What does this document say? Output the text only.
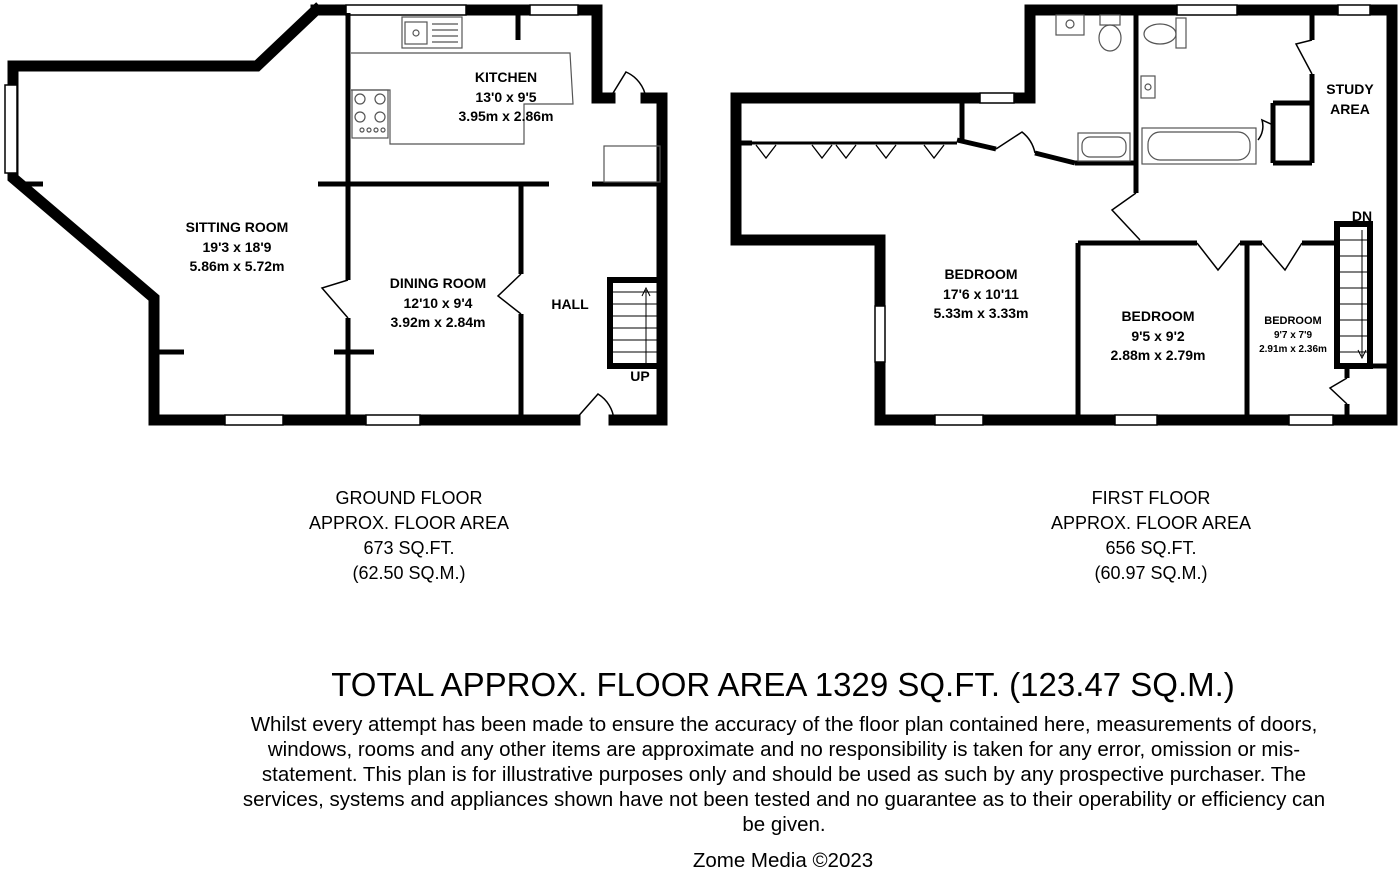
KITCHEN
13'0 x 9'5
3.95m x 2.86m
SITTING ROOM
19'3 x 18'9
5.86m x 5.72m
DINING ROOM
12'10 x 9'4
3.92m x 2.84m
HALL
UP
BEDROOM
17'6 x 10'11
5.33m x 3.33m	BEDROOM
9'5 x 9'2
2.88m x 2.79m
BEDROOM
9'7 x 7'9
2.91m x 2.36m
STUDY
AREA
DN
GROUND FLOOR
APPROX. FLOOR AREA
673 SQ.FT.
(62.50 SQ.M.)
FIRST FLOOR
APPROX. FLOOR AREA
656 SQ.FT.
(60.97 SQ.M.)
TOTAL APPROX. FLOOR AREA 1329 SQ.FT. (123.47 SQ.M.)
Whilst every attempt has been made to ensure the accuracy of the floor plan contained here, measurements of doors, windows, rooms and any other items are approximate and no responsibility is taken for any error, omission or mis-statement. This plan is for illustrative purposes only and should be used as such by any prospective purchaser. The services, systems and appliances shown have not been tested and no guarantee as to their operability or efficiency can be given.
Zome Media ©2023
